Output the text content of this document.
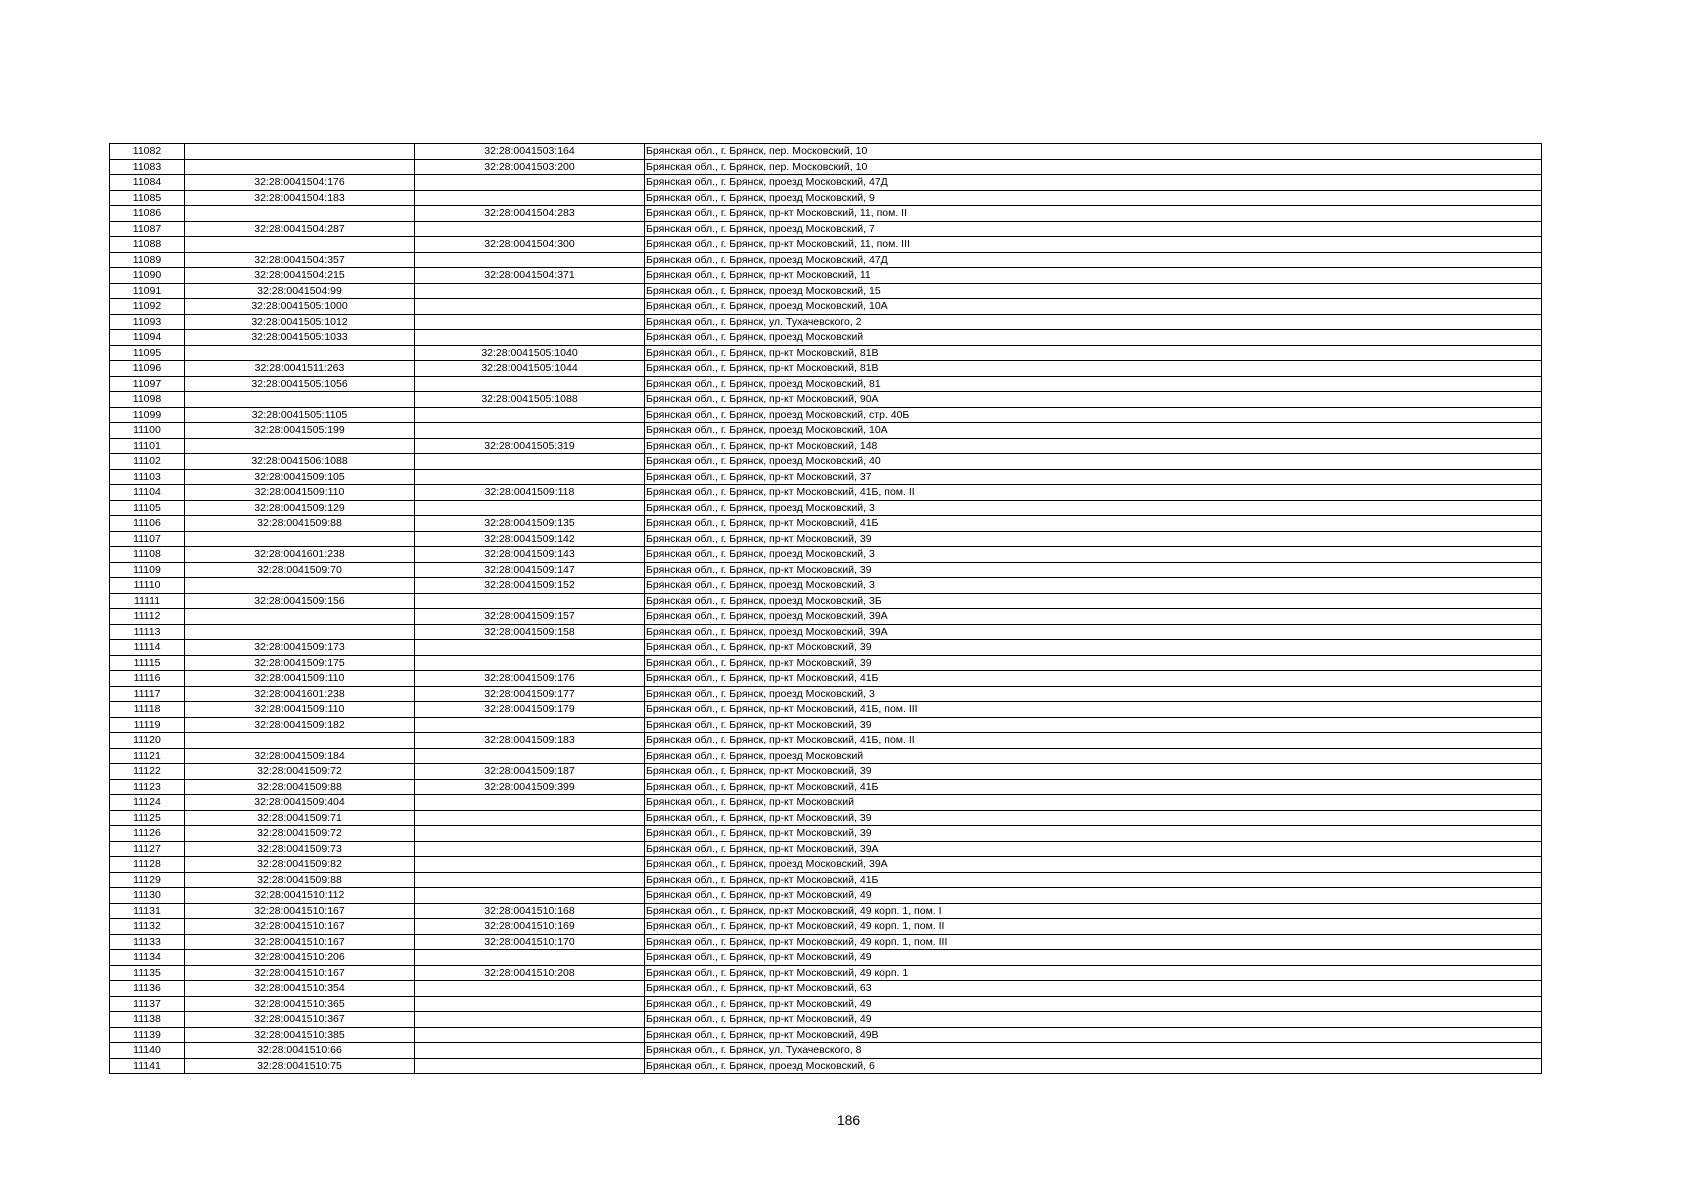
11082		32:28:0041503:164	Брянская обл., г. Брянск, пер. Московский, 10
11083		32:28:0041503:200	Брянская обл., г. Брянск, пер. Московский, 10
11084	32:28:0041504:176		Брянская обл., г. Брянск, проезд Московский, 47Д
11085	32:28:0041504:183		Брянская обл., г. Брянск, проезд Московский, 9
11086		32:28:0041504:283	Брянская обл., г. Брянск, пр-кт Московский, 11, пом. II
11087	32:28:0041504:287		Брянская обл., г. Брянск, проезд Московский, 7
11088		32:28:0041504:300	Брянская обл., г. Брянск, пр-кт Московский, 11, пом. III
11089	32:28:0041504:357		Брянская обл., г. Брянск, проезд Московский, 47Д
11090	32:28:0041504:215	32:28:0041504:371	Брянская обл., г. Брянск, пр-кт Московский, 11
11091	32:28:0041504:99		Брянская обл., г. Брянск, проезд Московский, 15
11092	32:28:0041505:1000		Брянская обл., г. Брянск, проезд Московский, 10А
11093	32:28:0041505:1012		Брянская обл., г. Брянск, ул. Тухачевского, 2
11094	32:28:0041505:1033		Брянская обл., г. Брянск, проезд Московский
11095		32:28:0041505:1040	Брянская обл., г. Брянск, пр-кт Московский, 81В
11096	32:28:0041511:263	32:28:0041505:1044	Брянская обл., г. Брянск, пр-кт Московский, 81В
11097	32:28:0041505:1056		Брянская обл., г. Брянск, проезд Московский, 81
11098		32:28:0041505:1088	Брянская обл., г. Брянск, пр-кт Московский, 90А
11099	32:28:0041505:1105		Брянская обл., г. Брянск, проезд Московский, стр. 40Б
11100	32:28:0041505:199		Брянская обл., г. Брянск, проезд Московский, 10А
11101		32:28:0041505:319	Брянская обл., г. Брянск, пр-кт Московский, 148
11102	32:28:0041506:1088		Брянская обл., г. Брянск, проезд Московский, 40
11103	32:28:0041509:105		Брянская обл., г. Брянск, пр-кт Московский, 37
11104	32:28:0041509:110	32:28:0041509:118	Брянская обл., г. Брянск, пр-кт Московский, 41Б, пом. II
11105	32:28:0041509:129		Брянская обл., г. Брянск, проезд Московский, 3
11106	32:28:0041509:88	32:28:0041509:135	Брянская обл., г. Брянск, пр-кт Московский, 41Б
11107		32:28:0041509:142	Брянская обл., г. Брянск, пр-кт Московский, 39
11108	32:28:0041601:238	32:28:0041509:143	Брянская обл., г. Брянск, проезд Московский, 3
11109	32:28:0041509:70	32:28:0041509:147	Брянская обл., г. Брянск, пр-кт Московский, 39
11110		32:28:0041509:152	Брянская обл., г. Брянск, проезд Московский, 3
11111	32:28:0041509:156		Брянская обл., г. Брянск, проезд Московский, 3Б
11112		32:28:0041509:157	Брянская обл., г. Брянск, проезд Московский, 39А
11113		32:28:0041509:158	Брянская обл., г. Брянск, проезд Московский, 39А
11114	32:28:0041509:173		Брянская обл., г. Брянск, пр-кт Московский, 39
11115	32:28:0041509:175		Брянская обл., г. Брянск, пр-кт Московский, 39
11116	32:28:0041509:110	32:28:0041509:176	Брянская обл., г. Брянск, пр-кт Московский, 41Б
11117	32:28:0041601:238	32:28:0041509:177	Брянская обл., г. Брянск, проезд Московский, 3
11118	32:28:0041509:110	32:28:0041509:179	Брянская обл., г. Брянск, пр-кт Московский, 41Б, пом. III
11119	32:28:0041509:182		Брянская обл., г. Брянск, пр-кт Московский, 39
11120		32:28:0041509:183	Брянская обл., г. Брянск, пр-кт Московский, 41Б, пом. II
11121	32:28:0041509:184		Брянская обл., г. Брянск, проезд Московский
11122	32:28:0041509:72	32:28:0041509:187	Брянская обл., г. Брянск, пр-кт Московский, 39
11123	32:28:0041509:88	32:28:0041509:399	Брянская обл., г. Брянск, пр-кт Московский, 41Б
11124	32:28:0041509:404		Брянская обл., г. Брянск, пр-кт Московский
11125	32:28:0041509:71		Брянская обл., г. Брянск, пр-кт Московский, 39
11126	32:28:0041509:72		Брянская обл., г. Брянск, пр-кт Московский, 39
11127	32:28:0041509:73		Брянская обл., г. Брянск, пр-кт Московский, 39А
11128	32:28:0041509:82		Брянская обл., г. Брянск, проезд Московский, 39А
11129	32:28:0041509:88		Брянская обл., г. Брянск, пр-кт Московский, 41Б
11130	32:28:0041510:112		Брянская обл., г. Брянск, пр-кт Московский, 49
11131	32:28:0041510:167	32:28:0041510:168	Брянская обл., г. Брянск, пр-кт Московский, 49 корп. 1, пом. I
11132	32:28:0041510:167	32:28:0041510:169	Брянская обл., г. Брянск, пр-кт Московский, 49 корп. 1, пом. II
11133	32:28:0041510:167	32:28:0041510:170	Брянская обл., г. Брянск, пр-кт Московский, 49 корп. 1, пом. III
11134	32:28:0041510:206		Брянская обл., г. Брянск, пр-кт Московский, 49
11135	32:28:0041510:167	32:28:0041510:208	Брянская обл., г. Брянск, пр-кт Московский, 49 корп. 1
11136	32:28:0041510:354		Брянская обл., г. Брянск, пр-кт Московский, 63
11137	32:28:0041510:365		Брянская обл., г. Брянск, пр-кт Московский, 49
11138	32:28:0041510:367		Брянская обл., г. Брянск, пр-кт Московский, 49
11139	32:28:0041510:385		Брянская обл., г. Брянск, пр-кт Московский, 49В
11140	32:28:0041510:66		Брянская обл., г. Брянск, ул. Тухачевского, 8
11141	32:28:0041510:75		Брянская обл., г. Брянск, проезд Московский, 6
186
